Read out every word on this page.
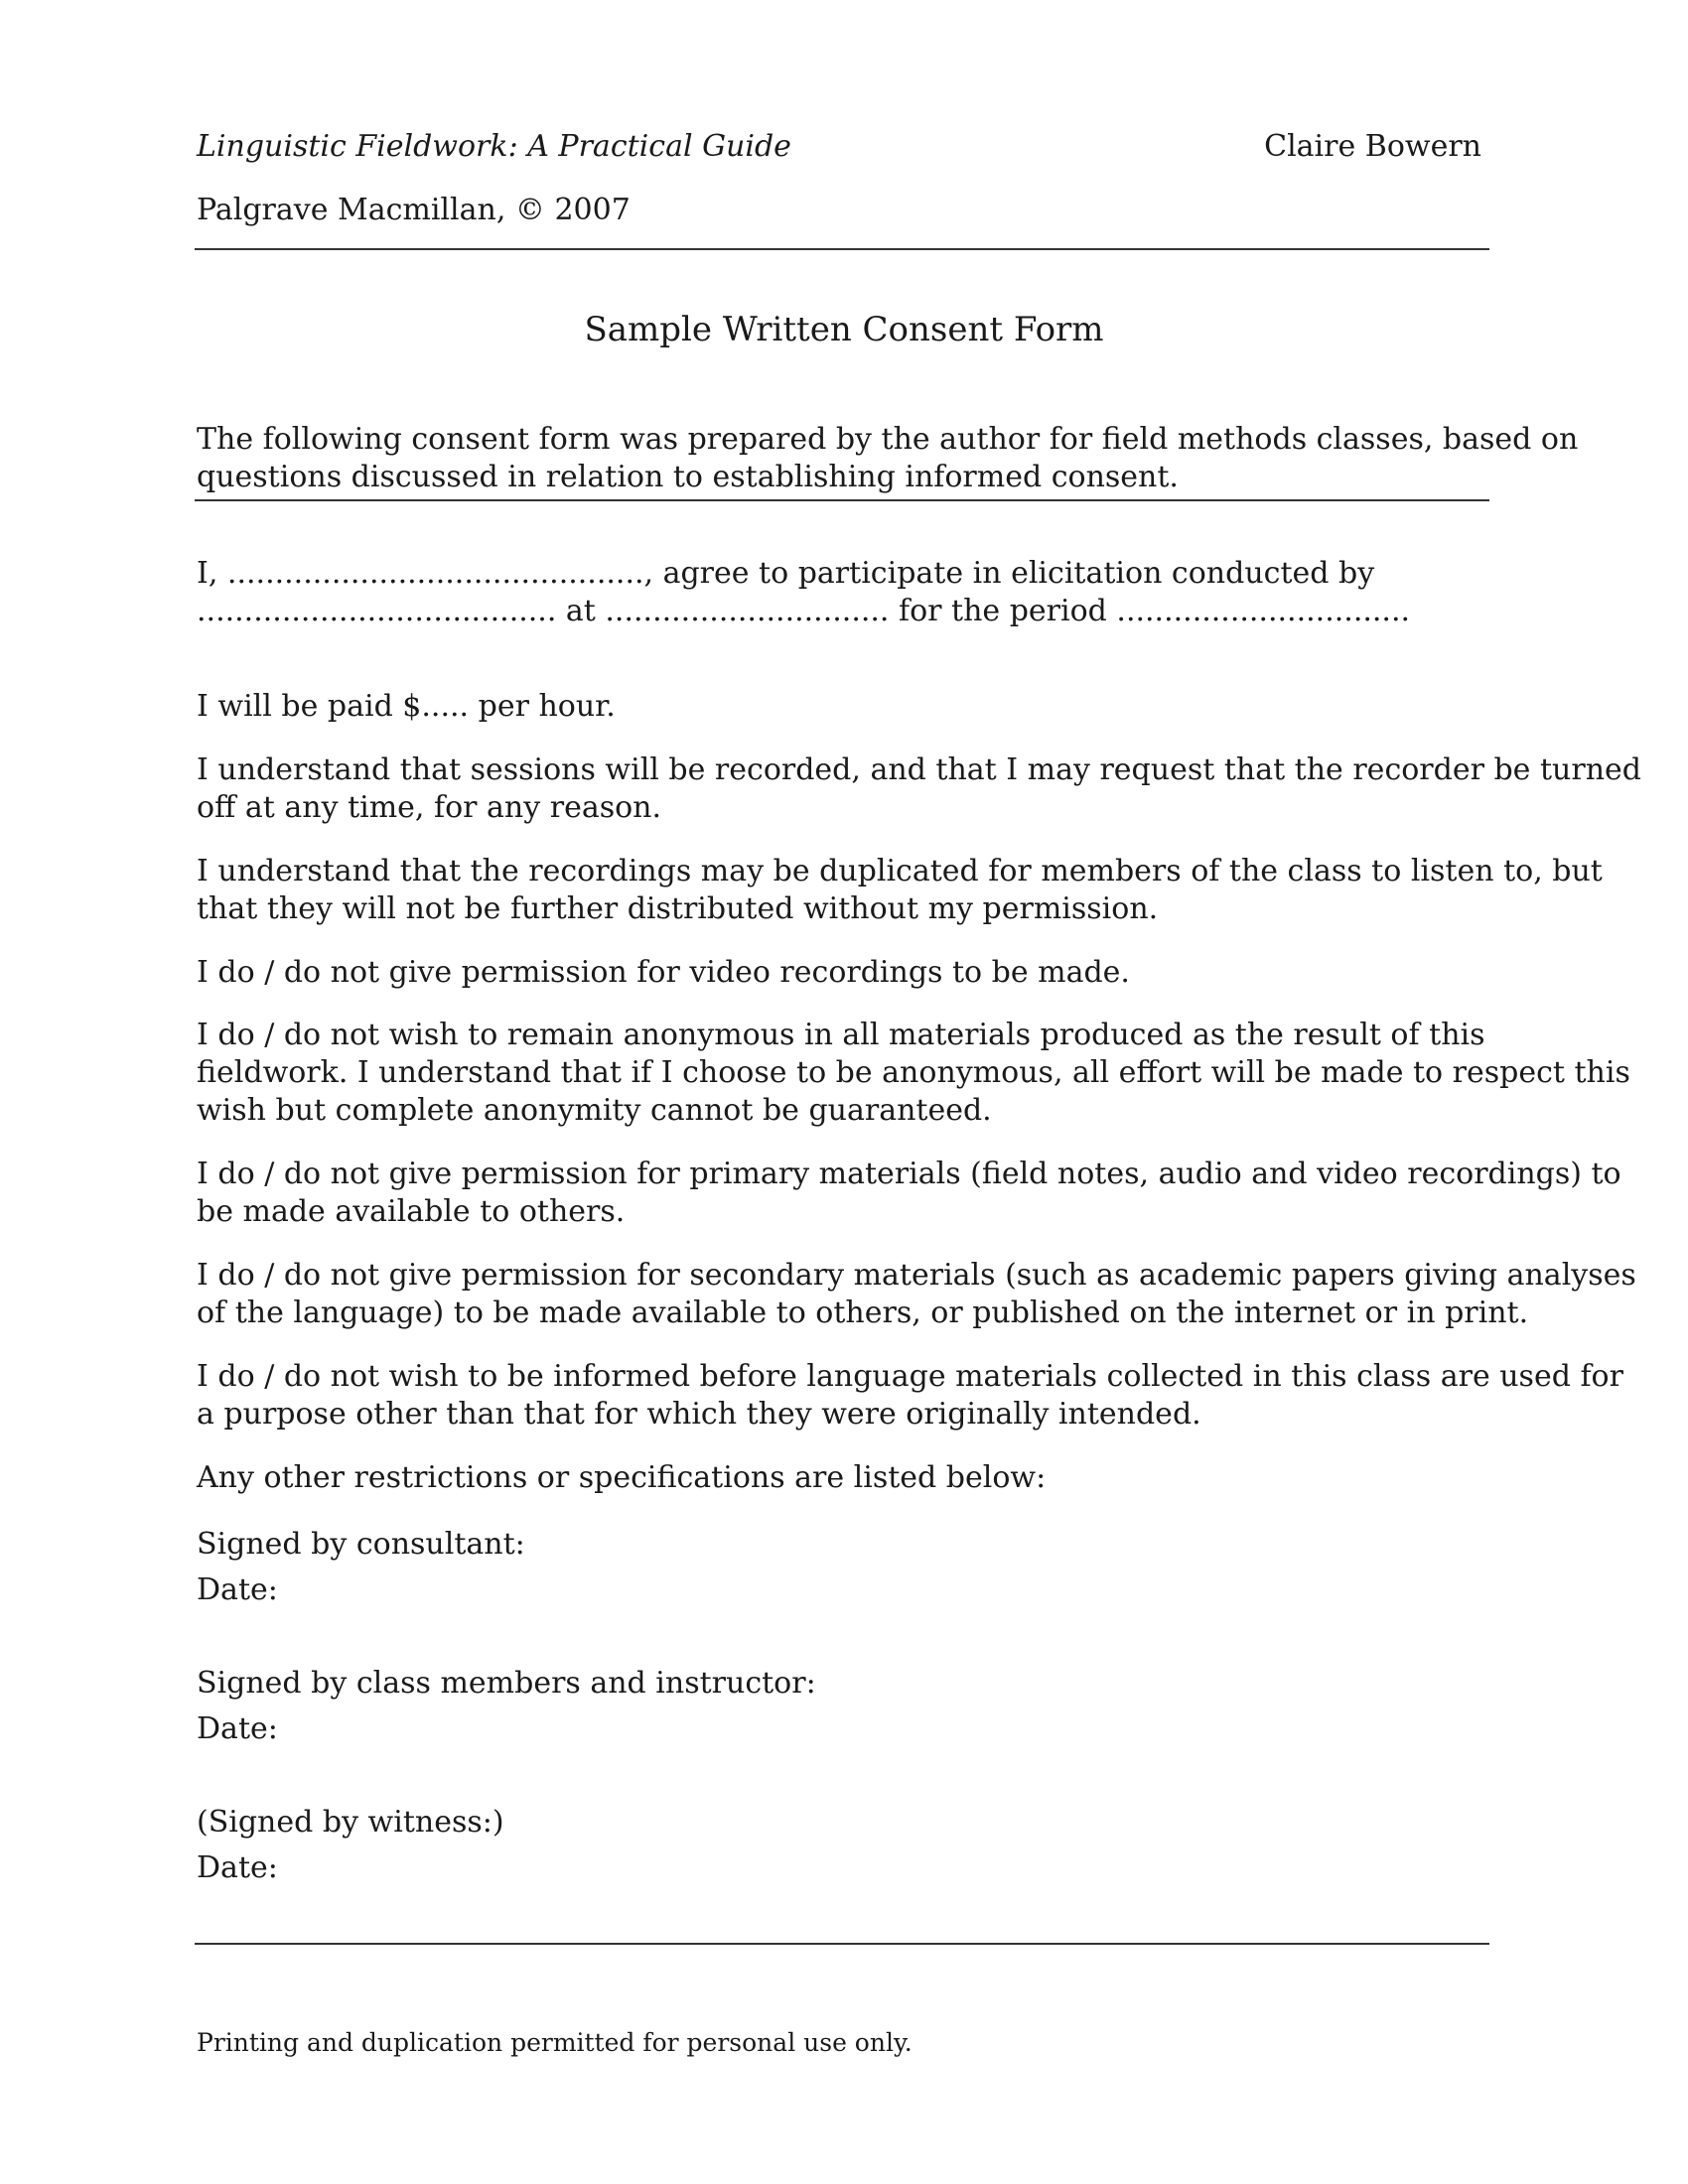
Linguistic Fieldwork: A Practical Guide	Claire Bowern
Palgrave Macmillan, © 2007
Sample Written Consent Form
The following consent form was prepared by the author for field methods classes, based on
questions discussed in relation to establishing informed consent.
I, ............................................, agree to participate in elicitation conducted by
...................................... at .............................. for the period ...............................
I will be paid $..... per hour.
I understand that sessions will be recorded, and that I may request that the recorder be turned
off at any time, for any reason.
I understand that the recordings may be duplicated for members of the class to listen to, but
that they will not be further distributed without my permission.
I do / do not give permission for video recordings to be made.
I do / do not wish to remain anonymous in all materials produced as the result of this
fieldwork. I understand that if I choose to be anonymous, all effort will be made to respect this
wish but complete anonymity cannot be guaranteed.
I do / do not give permission for primary materials (field notes, audio and video recordings) to
be made available to others.
I do / do not give permission for secondary materials (such as academic papers giving analyses
of the language) to be made available to others, or published on the internet or in print.
I do / do not wish to be informed before language materials collected in this class are used for
a purpose other than that for which they were originally intended.
Any other restrictions or specifications are listed below:
Signed by consultant:
Date:
Signed by class members and instructor:
Date:
(Signed by witness:)
Date:
Printing and duplication permitted for personal use only.
